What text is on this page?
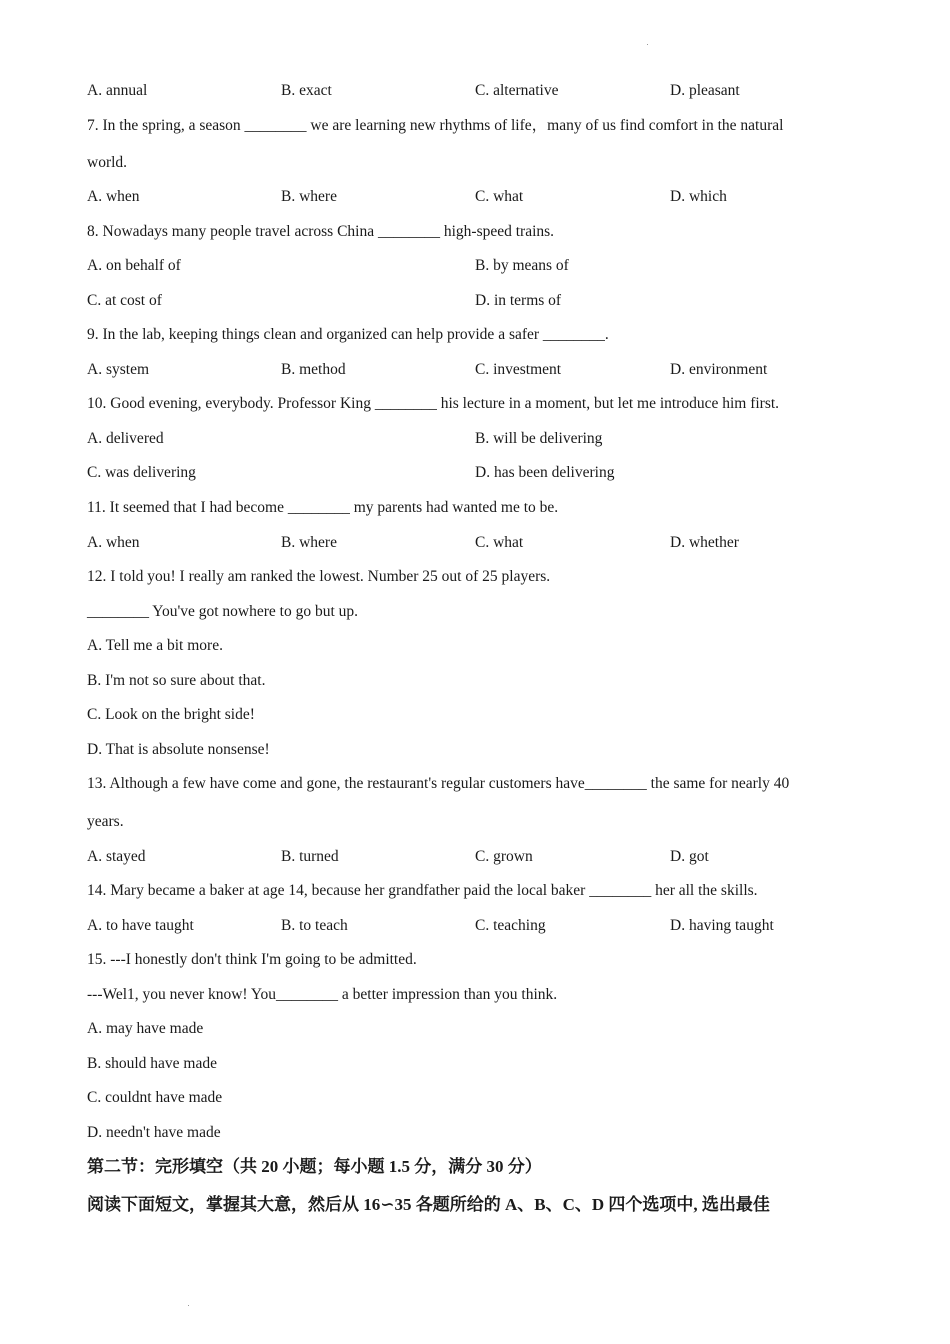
A. annual	B. exact	C. alternative	D. pleasant
7. In the spring, a season ________ we are learning new rhythms of life，many of us find comfort in the natural
world.
A. when	B. where	C. what	D. which
8. Nowadays many people travel across China ________ high-speed trains.
A. on behalf of	B. by means of
C. at cost of	D. in terms of
9. In the lab, keeping things clean and organized can help provide a safer ________.
A. system	B. method	C. investment	D. environment
10. Good evening, everybody. Professor King ________ his lecture in a moment, but let me introduce him first.
A. delivered	B. will be delivering
C. was delivering	D. has been delivering
11. It seemed that I had become ________ my parents had wanted me to be.
A. when	B. where	C. what	D. whether
12. I told you! I really am ranked the lowest. Number 25 out of 25 players.
________ You've got nowhere to go but up.
A. Tell me a bit more.
B. I'm not so sure about that.
C. Look on the bright side!
D. That is absolute nonsense!
13. Although a few have come and gone, the restaurant's regular customers have________ the same for nearly 40
years.
A. stayed	B. turned	C. grown	D. got
14. Mary became a baker at age 14, because her grandfather paid the local baker ________ her all the skills.
A. to have taught	B. to teach	C. teaching	D. having taught
15. ---I honestly don't think I'm going to be admitted.
---Wel1, you never know! You________ a better impression than you think.
A. may have made
B. should have made
C. couldnt have made
D. needn't have made
第二节：完形填空（共 20 小题；每小题 1.5 分，满分 30 分）
阅读下面短文，掌握其大意，然后从 16∽35 各题所给的 A、B、C、D 四个选项中, 选出最佳
